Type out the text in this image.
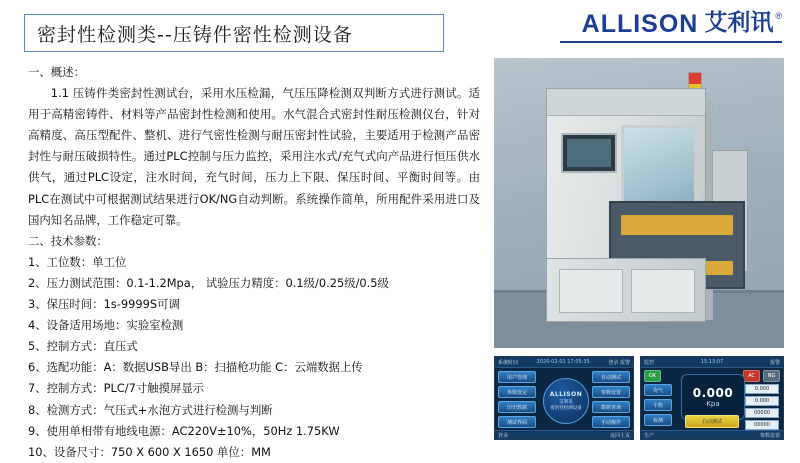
密封性检测类--压铸件密性检测设备	ALLISON 艾利讯 ®

一、概述：

1.1 压铸件类密封性测试台，采用水压检漏，气压压降检测双判断方式进行测试。适用于高精密铸件、材料等产品密封性检测和使用。水气混合式密封性耐压检测仪台，针对高精度、高压型配件、整机、进行气密性检测与耐压密封性试验，主要适用于检测产品密封性与耐压破损特性。通过PLC控制与压力监控，采用注水式/充气式向产品进行恒压供水供气，通过PLC设定，注水时间，充气时间，压力上下限、保压时间、平衡时间等。由PLC在测试中可根据测试结果进行OK/NG自动判断。系统操作简单，所用配件采用进口及国内知名品牌，工作稳定可靠。

二、技术参数：

1、工位数：单工位

2、压力测试范围：0.1-1.2Mpa， 试验压力精度：0.1级/0.25级/0.5级

3、保压时间：1s-9999S可调

4、设备适用场地：实验室检测

5、控制方式：直压式

6、选配功能：A：数据USB导出 B：扫描枪功能 C：云端数据上传

7、控制方式：PLC/7寸触摸屏显示

8、检测方式：气压式+水泡方式进行检测与判断

9、使用单相带有地线电源：AC220V±10%，50Hz 1.75KW

10、设备尺寸：750 X 600 X 1650 单位：MM

系统时间	2020-02-01 17:05:35	登录 报警
用户管理
参数设定
历史数据
测试界面
ALLISON
艾利讯
密封性检测设备
自动测试
参数设置
数据查询
手动操作
登录	返回主页
监控	15:13:07	报警
OK	AC	NG
0.000
Kpa
充气
平衡
检测
0.000
0.000
00000
00000
启动测试
生产	参数设置
